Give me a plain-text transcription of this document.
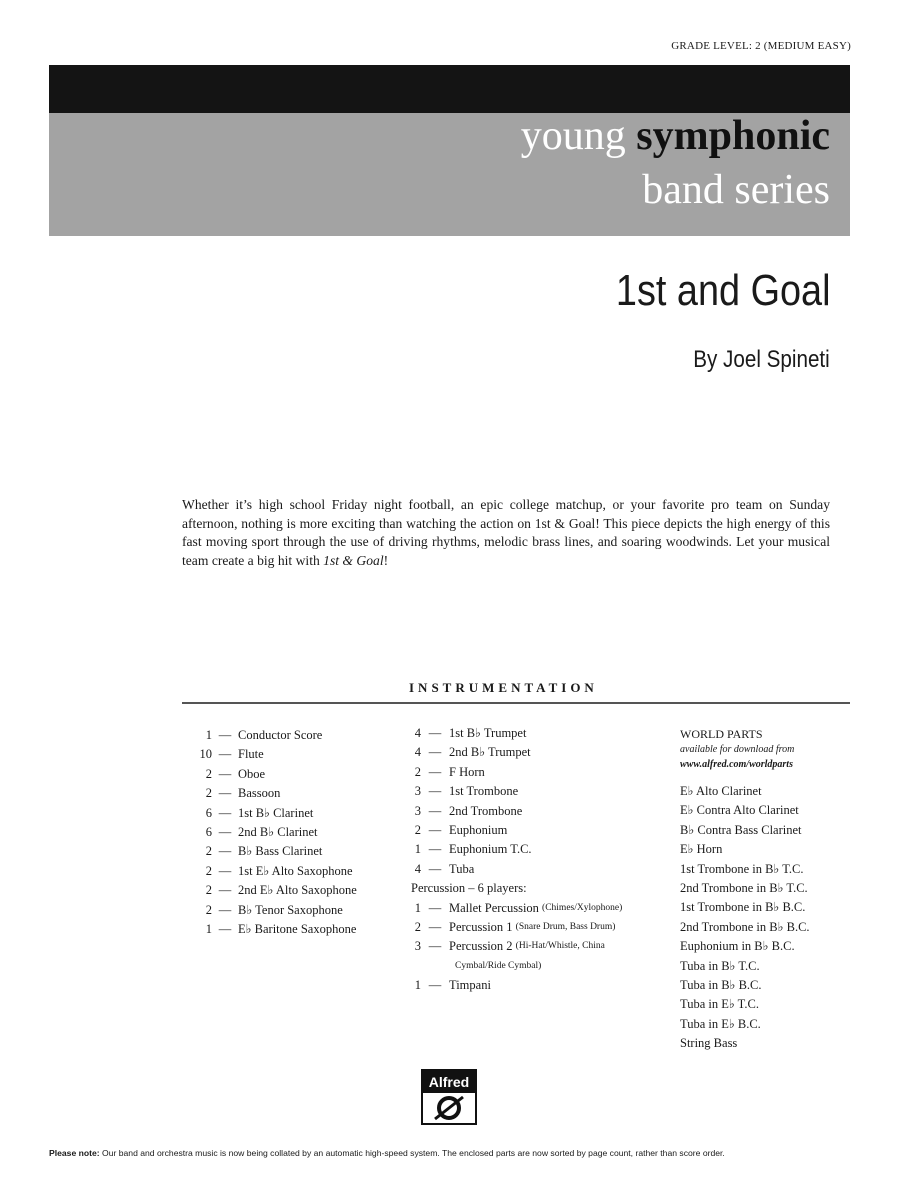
GRADE LEVEL: 2 (MEDIUM EASY)
young symphonic
band series
1st and Goal
By Joel Spineti
Whether it’s high school Friday night football, an epic college matchup, or your favorite pro team on Sunday afternoon, nothing is more exciting than watching the action on 1st & Goal! This piece depicts the high energy of this fast moving sport through the use of driving rhythms, melodic brass lines, and soaring woodwinds. Let your musical team create a big hit with 1st & Goal!
INSTRUMENTATION
1 — Conductor Score
10 — Flute
2 — Oboe
2 — Bassoon
6 — 1st B♭ Clarinet
6 — 2nd B♭ Clarinet
2 — B♭ Bass Clarinet
2 — 1st E♭ Alto Saxophone
2 — 2nd E♭ Alto Saxophone
2 — B♭ Tenor Saxophone
1 — E♭ Baritone Saxophone
4 — 1st B♭ Trumpet
4 — 2nd B♭ Trumpet
2 — F Horn
3 — 1st Trombone
3 — 2nd Trombone
2 — Euphonium
1 — Euphonium T.C.
4 — Tuba
Percussion – 6 players:
1 — Mallet Percussion
(Chimes/Xylophone)
2 — Percussion 1
(Snare Drum, Bass Drum)
3 — Percussion 2
(Hi-Hat/Whistle, China
Cymbal/Ride Cymbal)
1 — Timpani
WORLD PARTS
available for download from
www.alfred.com/worldparts
E♭ Alto Clarinet
E♭ Contra Alto Clarinet
B♭ Contra Bass Clarinet
E♭ Horn
1st Trombone in B♭ T.C.
2nd Trombone in B♭ T.C.
1st Trombone in B♭ B.C.
2nd Trombone in B♭ B.C.
Euphonium in B♭ B.C.
Tuba in B♭ T.C.
Tuba in B♭ B.C.
Tuba in E♭ T.C.
Tuba in E♭ B.C.
String Bass
Alfred
Please note: Our band and orchestra music is now being collated by an automatic high-speed system. The enclosed parts are now sorted by page count, rather than score order.
